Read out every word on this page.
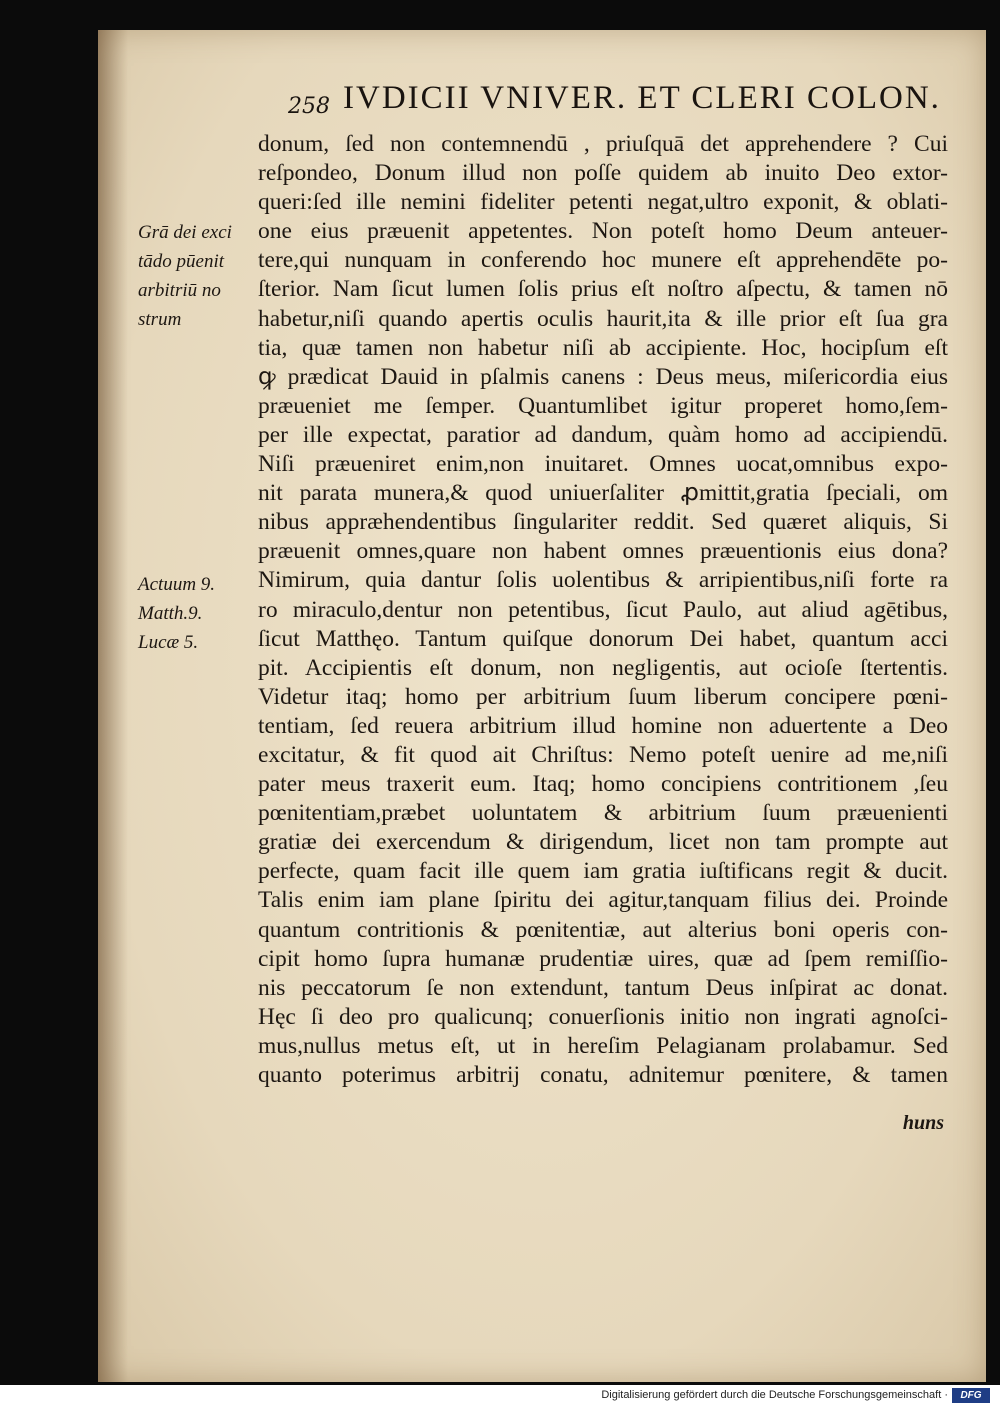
258 IVDICII VNIVER. ET CLERI COLON.
Grā dei exci
tādo pūenit
arbitriū no
strum
Actuum 9.
Matth.9.
Lucæ 5.
donum, ſed non contemnendū , priuſquā det apprehendere ? Cui
reſpondeo, Donum illud non poſſe quidem ab inuito Deo extor-
queri:ſed ille nemini fideliter petenti negat,ultro exponit, & oblati-
one eius præuenit appetentes. Non poteſt homo Deum anteuer-
tere,qui nunquam in conferendo hoc munere eſt apprehendēte po-
ſterior. Nam ſicut lumen ſolis prius eſt noſtro aſpectu, & tamen nō
habetur,niſi quando apertis oculis haurit,ita & ille prior eſt ſua gra
tia, quæ tamen non habetur niſi ab accipiente. Hoc, hocipſum eſt
ꝙ prædicat Dauid in pſalmis canens : Deus meus, miſericordia eius
præueniet me ſemper. Quantumlibet igitur properet homo,ſem-
per ille expectat, paratior ad dandum, quàm homo ad accipiendū.
Niſi præueniret enim,non inuitaret. Omnes uocat,omnibus expo-
nit parata munera,& quod uniuerſaliter ꝓmittit,gratia ſpeciali, om
nibus appræhendentibus ſingulariter reddit. Sed quæret aliquis, Si
præuenit omnes,quare non habent omnes præuentionis eius dona?
Nimirum, quia dantur ſolis uolentibus & arripientibus,niſi forte ra
ro miraculo,dentur non petentibus, ſicut Paulo, aut aliud agētibus,
ſicut Matthęo. Tantum quiſque donorum Dei habet, quantum acci
pit. Accipientis eſt donum, non negligentis, aut ocioſe ſtertentis.
Videtur itaq; homo per arbitrium ſuum liberum concipere pœni-
tentiam, ſed reuera arbitrium illud homine non aduertente a Deo
excitatur, & fit quod ait Chriſtus: Nemo poteſt uenire ad me,niſi
pater meus traxerit eum. Itaq; homo concipiens contritionem ,ſeu
pœnitentiam,præbet uoluntatem & arbitrium ſuum præuenienti
gratiæ dei exercendum & dirigendum, licet non tam prompte aut
perfecte, quam facit ille quem iam gratia iuſtificans regit & ducit.
Talis enim iam plane ſpiritu dei agitur,tanquam filius dei. Proinde
quantum contritionis & pœnitentiæ, aut alterius boni operis con-
cipit homo ſupra humanæ prudentiæ uires, quæ ad ſpem remiſſio-
nis peccatorum ſe non extendunt, tantum Deus inſpirat ac donat.
Hęc ſi deo pro qualicunq; conuerſionis initio non ingrati agnoſci-
mus,nullus metus eſt, ut in hereſim Pelagianam prolabamur. Sed
quanto poterimus arbitrij conatu, adnitemur pœnitere, & tamen
huns
Digitalisierung gefördert durch die Deutsche Forschungsgemeinschaft ·	DFG
